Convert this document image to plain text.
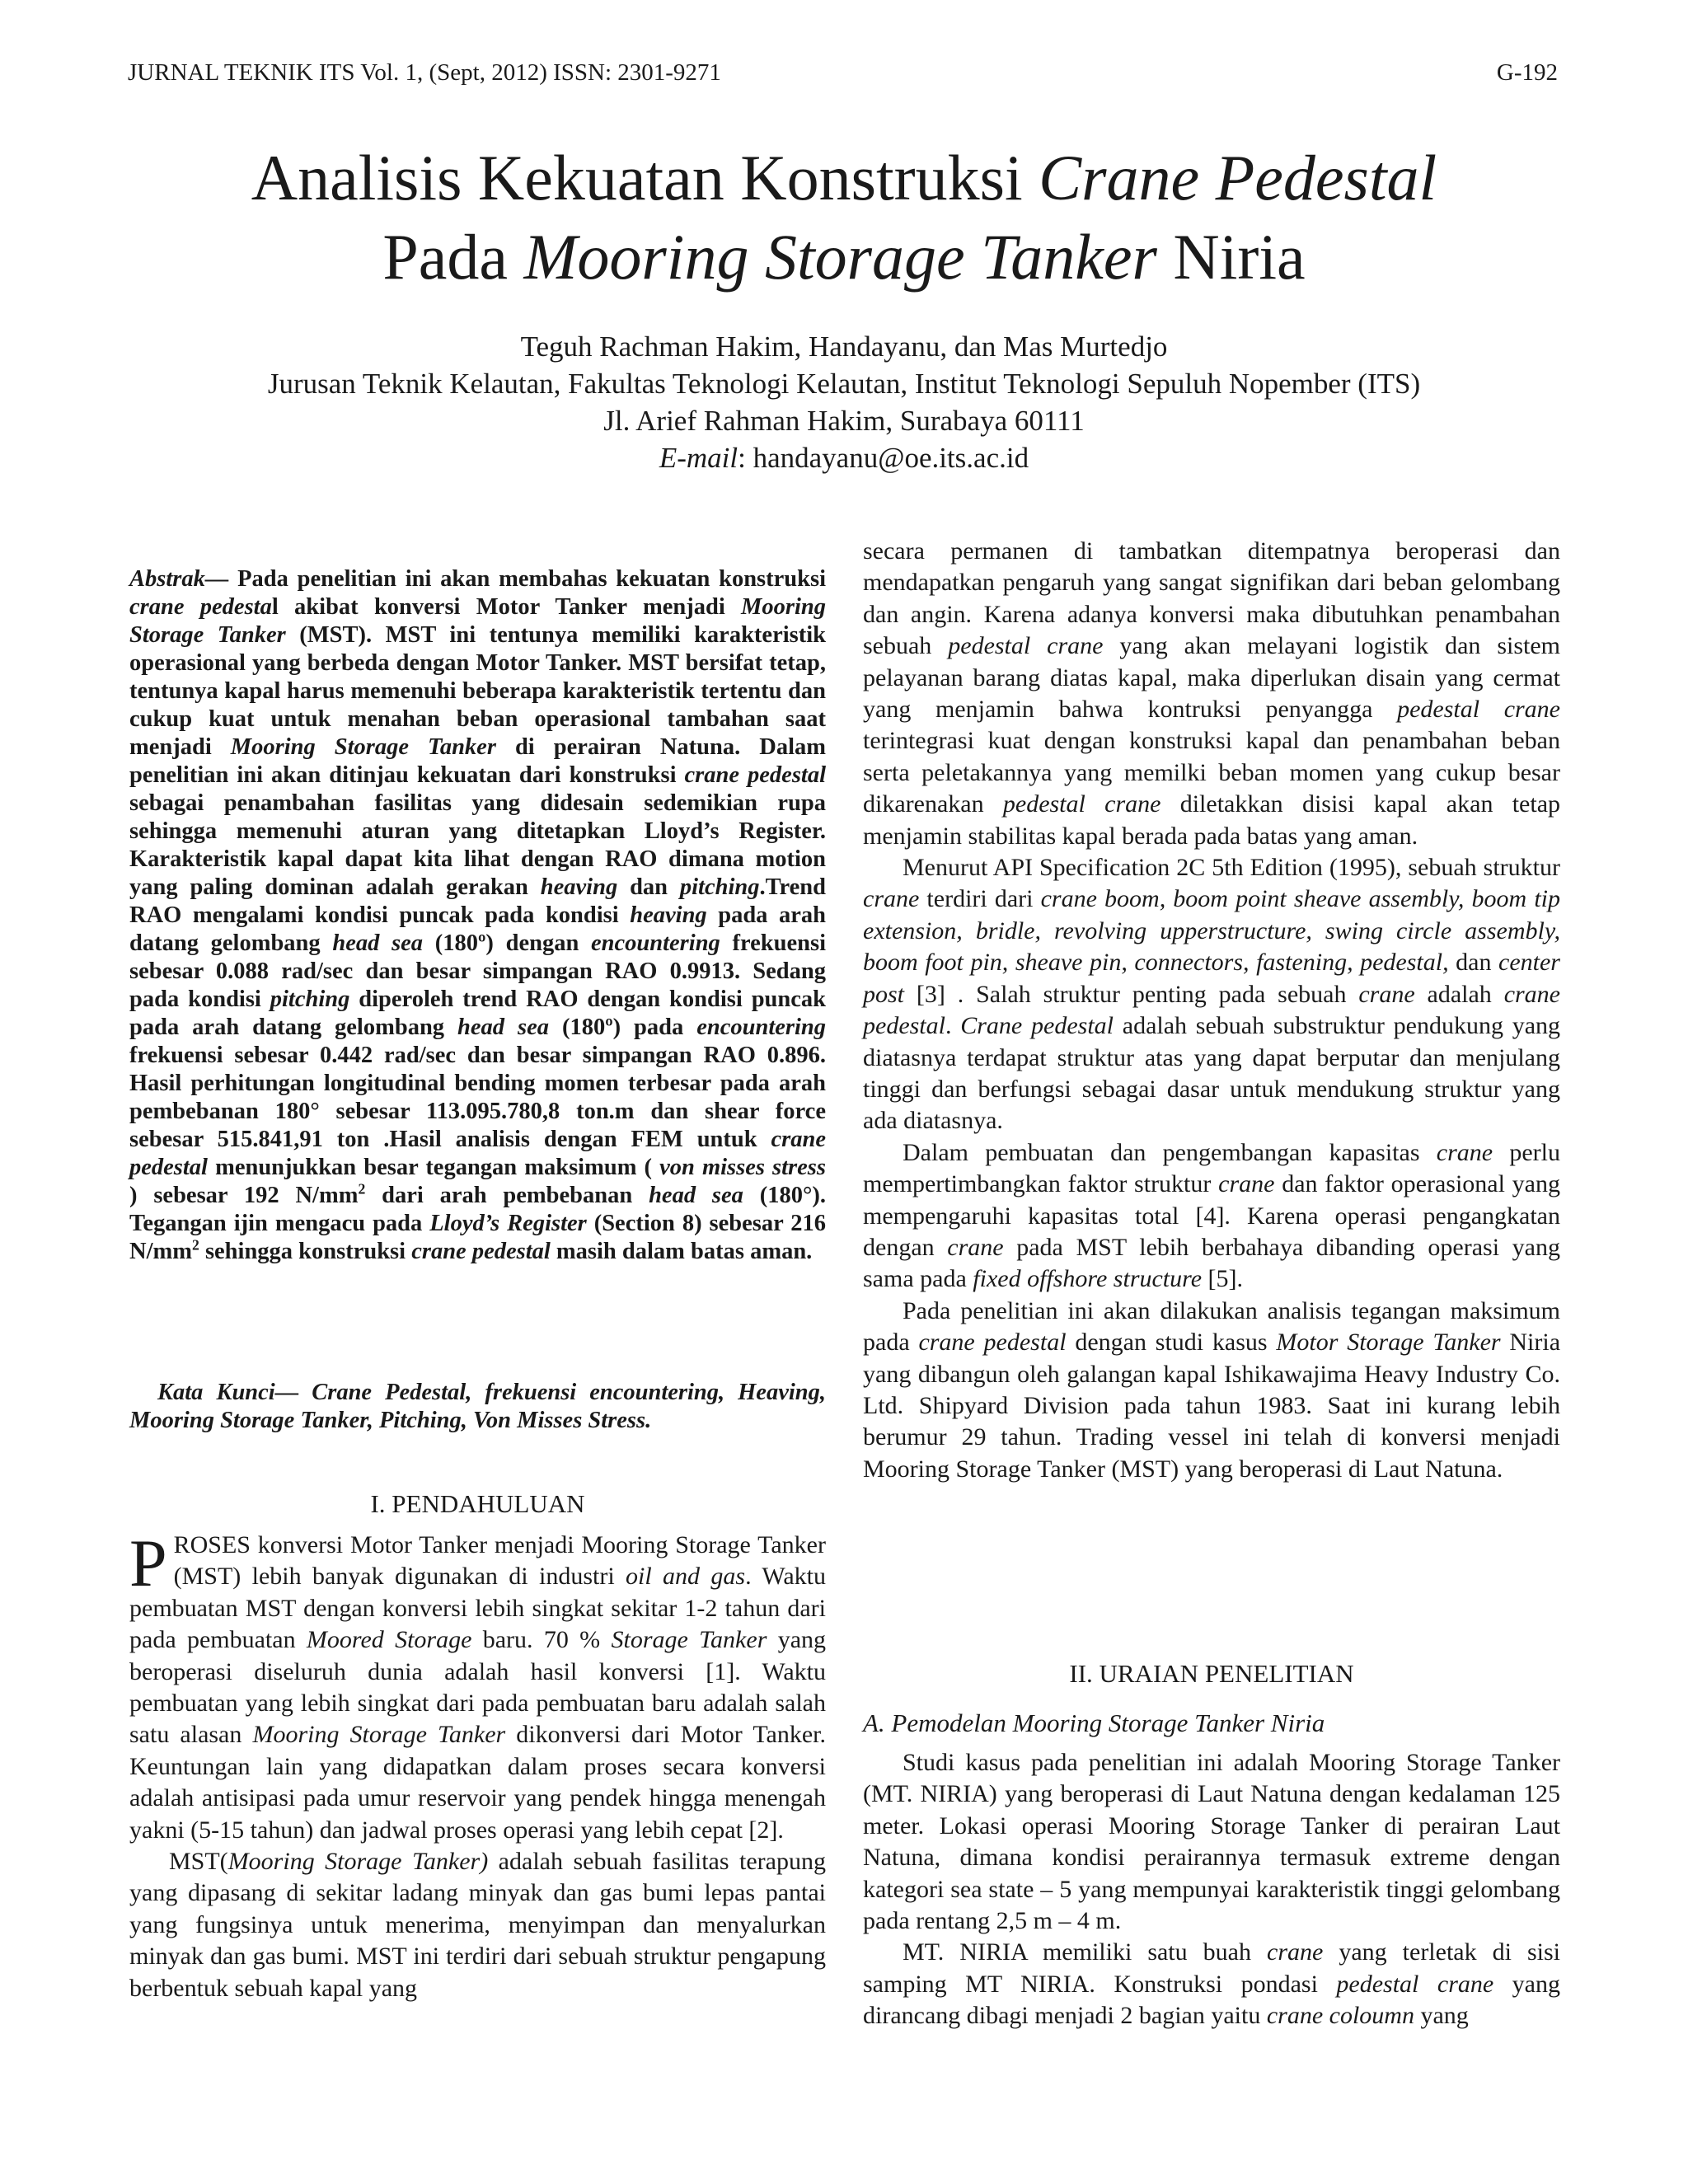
JURNAL TEKNIK ITS Vol. 1, (Sept, 2012) ISSN: 2301-9271	G-192
Analisis Kekuatan Konstruksi Crane Pedestal
Pada Mooring Storage Tanker Niria
Teguh Rachman Hakim, Handayanu, dan Mas Murtedjo
Jurusan Teknik Kelautan, Fakultas Teknologi Kelautan, Institut Teknologi Sepuluh Nopember (ITS)
Jl. Arief Rahman Hakim, Surabaya 60111
E-mail: handayanu@oe.its.ac.id

Abstrak— Pada penelitian ini akan membahas kekuatan konstruksi crane pedestal akibat konversi Motor Tanker menjadi Mooring Storage Tanker (MST). MST ini tentunya memiliki karakteristik operasional yang berbeda dengan Motor Tanker. MST bersifat tetap, tentunya kapal harus memenuhi beberapa karakteristik tertentu dan cukup kuat untuk menahan beban operasional tambahan saat menjadi Mooring Storage Tanker di perairan Natuna. Dalam penelitian ini akan ditinjau kekuatan dari konstruksi crane pedestal sebagai penambahan fasilitas yang didesain sedemikian rupa sehingga memenuhi aturan yang ditetapkan Lloyd’s Register. Karakteristik kapal dapat kita lihat dengan RAO dimana motion yang paling dominan adalah gerakan heaving dan pitching.Trend RAO mengalami kondisi puncak pada kondisi heaving pada arah datang gelombang head sea (180º) dengan encountering frekuensi sebesar 0.088 rad/sec dan besar simpangan RAO 0.9913. Sedang pada kondisi pitching diperoleh trend RAO dengan kondisi puncak pada arah datang gelombang head sea (180º) pada encountering frekuensi sebesar 0.442 rad/sec dan besar simpangan RAO 0.896. Hasil perhitungan longitudinal bending momen terbesar pada arah pembebanan 180° sebesar 113.095.780,8 ton.m dan shear force sebesar 515.841,91 ton .Hasil analisis dengan FEM untuk crane pedestal menunjukkan besar tegangan maksimum ( von misses stress ) sebesar 192 $N/mm^2$ dari arah pembebanan head sea (180°). Tegangan ijin mengacu pada Lloyd’s Register (Section 8) sebesar 216 $N/mm^2$ sehingga konstruksi crane pedestal masih dalam batas aman.

Kata Kunci— Crane Pedestal, frekuensi encountering, Heaving, Mooring Storage Tanker, Pitching, Von Misses Stress.
I. PENDAHULUAN

PROSES konversi Motor Tanker menjadi Mooring Storage Tanker (MST) lebih banyak digunakan di industri oil and gas. Waktu pembuatan MST dengan konversi lebih singkat sekitar 1-2 tahun dari pada pembuatan Moored Storage baru. 70 % Storage Tanker yang beroperasi diseluruh dunia adalah hasil konversi [1]. Waktu pembuatan yang lebih singkat dari pada pembuatan baru adalah salah satu alasan Mooring Storage Tanker dikonversi dari Motor Tanker. Keuntungan lain yang didapatkan dalam proses secara konversi adalah antisipasi pada umur reservoir yang pendek hingga menengah yakni (5-15 tahun) dan jadwal proses operasi yang lebih cepat [2].

MST(Mooring Storage Tanker) adalah sebuah fasilitas terapung yang dipasang di sekitar ladang minyak dan gas bumi lepas pantai yang fungsinya untuk menerima, menyimpan dan menyalurkan minyak dan gas bumi. MST ini terdiri dari sebuah struktur pengapung berbentuk sebuah kapal yang

secara permanen di tambatkan ditempatnya beroperasi dan mendapatkan pengaruh yang sangat signifikan dari beban gelombang dan angin. Karena adanya konversi maka dibutuhkan penambahan sebuah pedestal crane yang akan melayani logistik dan sistem pelayanan barang diatas kapal, maka diperlukan disain yang cermat yang menjamin bahwa kontruksi penyangga pedestal crane terintegrasi kuat dengan konstruksi kapal dan penambahan beban serta peletakannya yang memilki beban momen yang cukup besar dikarenakan pedestal crane diletakkan disisi kapal akan tetap menjamin stabilitas kapal berada pada batas yang aman.

Menurut API Specification 2C 5th Edition (1995), sebuah struktur crane terdiri dari crane boom, boom point sheave assembly, boom tip extension, bridle, revolving upperstructure, swing circle assembly, boom foot pin, sheave pin, connectors, fastening, pedestal, dan center post [3] . Salah struktur penting pada sebuah crane adalah crane pedestal. Crane pedestal adalah sebuah substruktur pendukung yang diatasnya terdapat struktur atas yang dapat berputar dan menjulang tinggi dan berfungsi sebagai dasar untuk mendukung struktur yang ada diatasnya.

Dalam pembuatan dan pengembangan kapasitas crane perlu mempertimbangkan faktor struktur crane dan faktor operasional yang mempengaruhi kapasitas total [4]. Karena operasi pengangkatan dengan crane pada MST lebih berbahaya dibanding operasi yang sama pada fixed offshore structure [5].

Pada penelitian ini akan dilakukan analisis tegangan maksimum pada crane pedestal dengan studi kasus Motor Storage Tanker Niria yang dibangun oleh galangan kapal Ishikawajima Heavy Industry Co. Ltd. Shipyard Division pada tahun 1983. Saat ini kurang lebih berumur 29 tahun. Trading vessel ini telah di konversi menjadi Mooring Storage Tanker (MST) yang beroperasi di Laut Natuna.

II. URAIAN PENELITIAN
A. Pemodelan Mooring Storage Tanker Niria

Studi kasus pada penelitian ini adalah Mooring Storage Tanker (MT. NIRIA) yang beroperasi di Laut Natuna dengan kedalaman 125 meter. Lokasi operasi Mooring Storage Tanker di perairan Laut Natuna, dimana kondisi perairannya termasuk extreme dengan kategori sea state – 5 yang mempunyai karakteristik tinggi gelombang pada rentang 2,5 m – 4 m.

MT. NIRIA memiliki satu buah crane yang terletak di sisi samping MT NIRIA. Konstruksi pondasi pedestal crane yang dirancang dibagi menjadi 2 bagian yaitu crane coloumn yang
